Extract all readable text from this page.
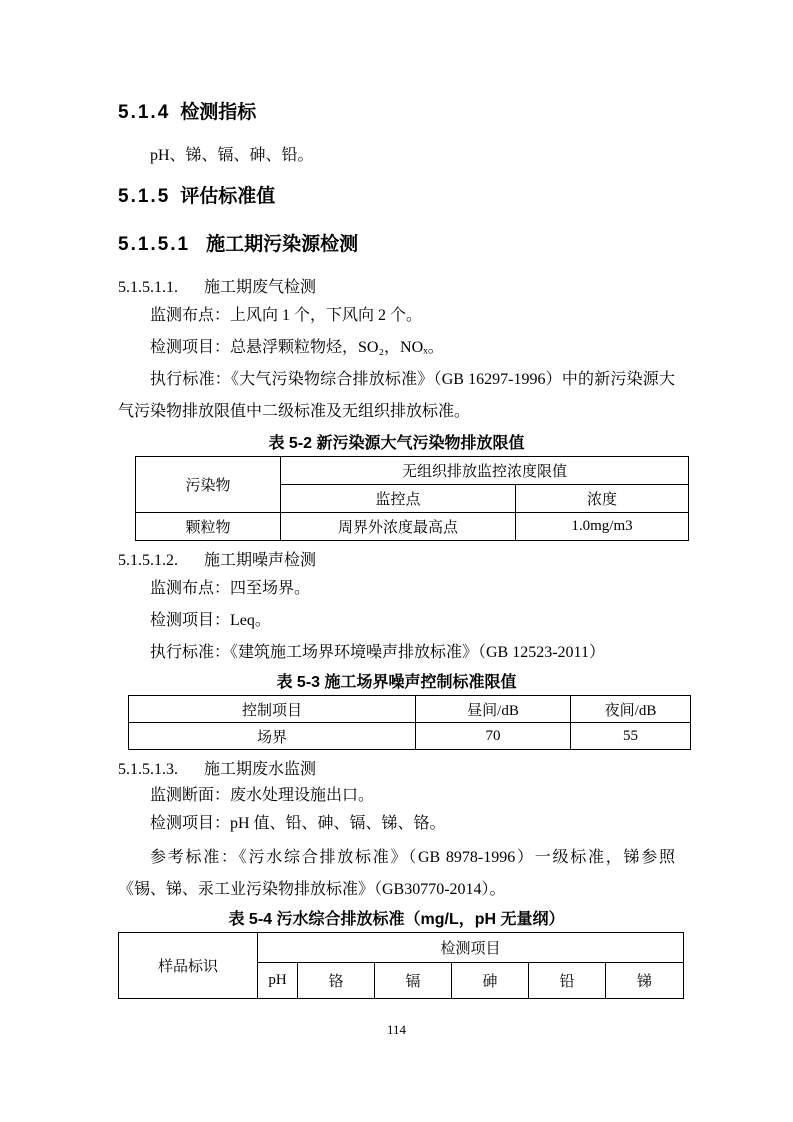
5.1.4 检测指标

pH、锑、镉、砷、铅。

5.1.5 评估标准值
5.1.5.1 施工期污染源检测
5.1.5.1.1. 施工期废气检测

监测布点：上风向 1 个，下风向 2 个。

检测项目：总悬浮颗粒物烃，SO₂，NOₓ。

执行标准：《大气污染物综合排放标准》（GB 16297-1996）中的新污染源大气污染物排放限值中二级标准及无组织排放标准。

表 5-2 新污染源大气污染物排放限值

污染物	无组织排放监控浓度限值	
	监控点	浓度
颗粒物	周界外浓度最高点	1.0mg/m3
5.1.5.1.2. 施工期噪声检测

监测布点：四至场界。

检测项目：Leq。

执行标准：《建筑施工场界环境噪声排放标准》（GB 12523-2011）

表 5-3 施工场界噪声控制标准限值

控制项目	昼间/dB	夜间/dB
场界	70	55
5.1.5.1.3. 施工期废水监测

监测断面：废水处理设施出口。

检测项目：pH 值、铅、砷、镉、锑、铬。

参考标准：《污水综合排放标准》（GB 8978-1996）一级标准，锑参照《锡、锑、汞工业污染物排放标准》（GB30770-2014）。

表 5-4 污水综合排放标准（mg/L，pH 无量纲）

样品标识	检测项目					
	pH	铬	镉	砷	铅	锑
114
